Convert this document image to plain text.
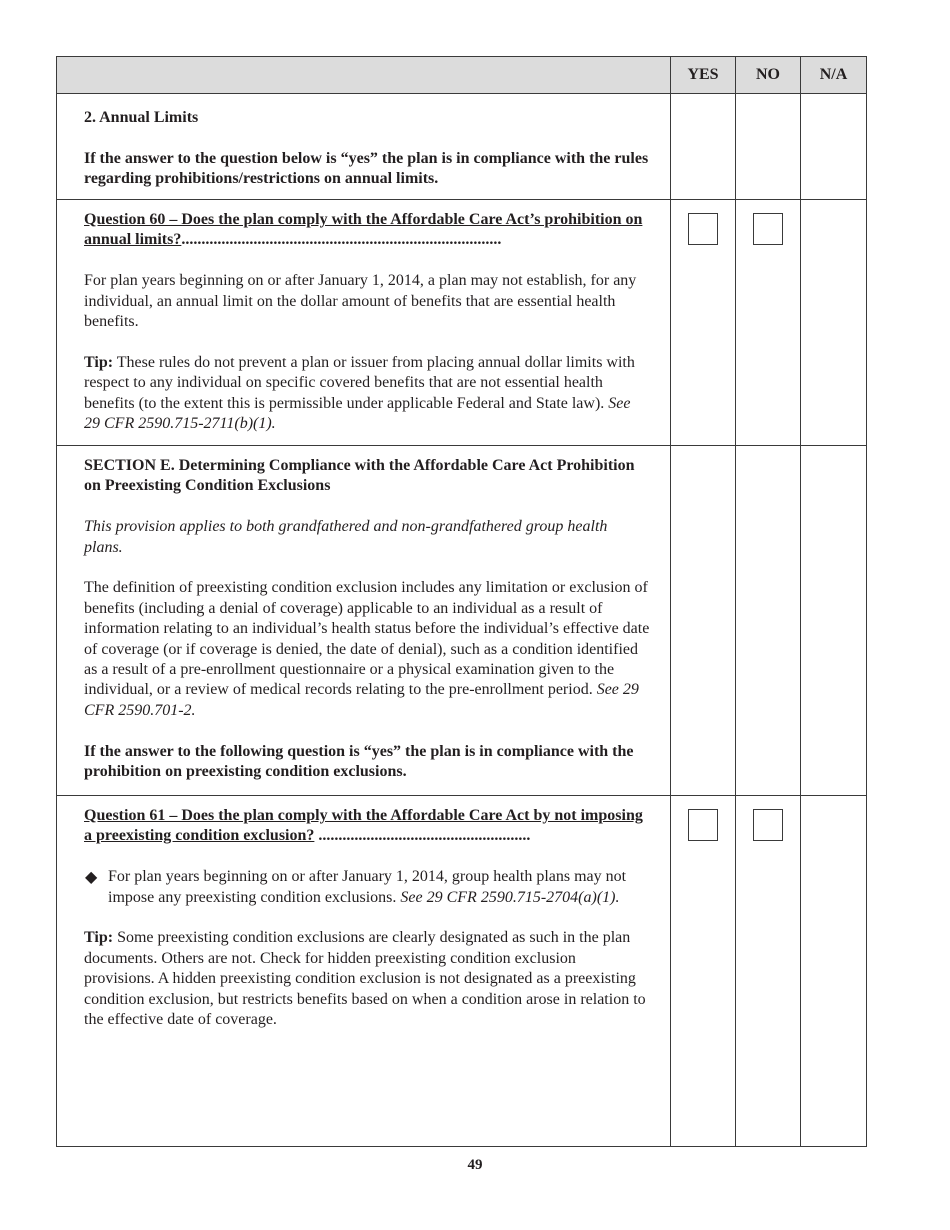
	YES	NO	N/A

2. Annual Limits

If the answer to the question below is “yes” the plan is in compliance with the rules regarding prohibitions/restrictions on annual limits.			

Question 60 – Does the plan comply with the Affordable Care Act’s prohibition on annual limits?................................................................................

For plan years beginning on or after January 1, 2014, a plan may not establish, for any individual, an annual limit on the dollar amount of benefits that are essential health benefits.

Tip: These rules do not prevent a plan or issuer from placing annual dollar limits with respect to any individual on specific covered benefits that are not essential health benefits (to the extent this is permissible under applicable Federal and State law). See 29 CFR 2590.715-2711(b)(1).			

SECTION E. Determining Compliance with the Affordable Care Act Prohibition on Preexisting Condition Exclusions

This provision applies to both grandfathered and non-grandfathered group health plans.

The definition of preexisting condition exclusion includes any limitation or exclusion of benefits (including a denial of coverage) applicable to an individual as a result of information relating to an individual’s health status before the individual’s effective date of coverage (or if coverage is denied, the date of denial), such as a condition identified as a result of a pre-enrollment questionnaire or a physical examination given to the individual, or a review of medical records relating to the pre-enrollment period. See 29 CFR 2590.701-2.

If the answer to the following question is “yes” the plan is in compliance with the prohibition on preexisting condition exclusions.			

Question 61 – Does the plan comply with the Affordable Care Act by not imposing a preexisting condition exclusion? .....................................................

◆ For plan years beginning on or after January 1, 2014, group health plans may not impose any preexisting condition exclusions. See 29 CFR 2590.715-2704(a)(1).

Tip: Some preexisting condition exclusions are clearly designated as such in the plan documents. Others are not. Check for hidden preexisting condition exclusion provisions. A hidden preexisting condition exclusion is not designated as a preexisting condition exclusion, but restricts benefits based on when a condition arose in relation to the effective date of coverage.			

49
